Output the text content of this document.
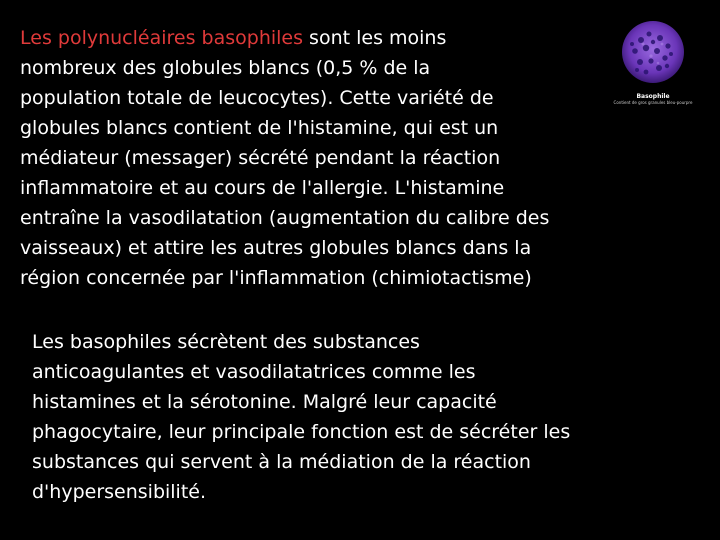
Les polynucléaires basophiles sont les moins
nombreux des globules blancs (0,5 % de la
population totale de leucocytes). Cette variété de
globules blancs contient de l'histamine, qui est un
médiateur (messager) sécrété pendant la réaction
inflammatoire et au cours de l'allergie. L'histamine
entraîne la vasodilatation (augmentation du calibre des
vaisseaux) et attire les autres globules blancs dans la
région concernée par l'inflammation (chimiotactisme)

Basophile
Contient de gros granules bleu-pourpre

Les basophiles sécrètent des substances
anticoagulantes et vasodilatatrices comme les
histamines et la sérotonine. Malgré leur capacité
phagocytaire, leur principale fonction est de sécréter les
substances qui servent à la médiation de la réaction
d'hypersensibilité.
